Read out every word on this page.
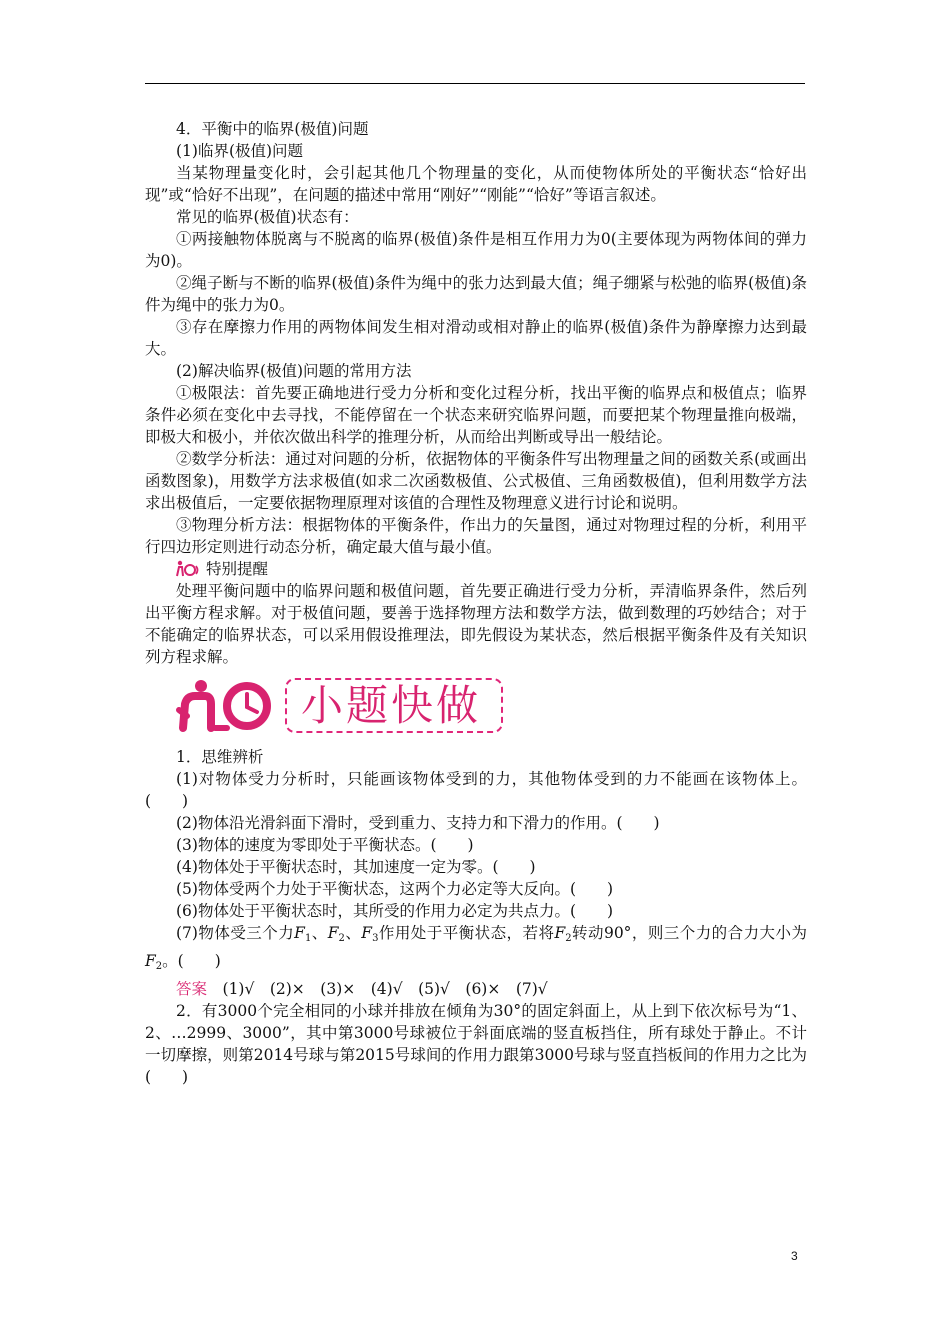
4．平衡中的临界(极值)问题

(1)临界(极值)问题

当某物理量变化时，会引起其他几个物理量的变化，从而使物体所处的平衡状态“恰好出现”或“恰好不出现”，在问题的描述中常用“刚好”“刚能”“恰好”等语言叙述。

常见的临界(极值)状态有：

①两接触物体脱离与不脱离的临界(极值)条件是相互作用力为0(主要体现为两物体间的弹力为0)。

②绳子断与不断的临界(极值)条件为绳中的张力达到最大值；绳子绷紧与松弛的临界(极值)条件为绳中的张力为0。

③存在摩擦力作用的两物体间发生相对滑动或相对静止的临界(极值)条件为静摩擦力达到最大。

(2)解决临界(极值)问题的常用方法

①极限法：首先要正确地进行受力分析和变化过程分析，找出平衡的临界点和极值点；临界条件必须在变化中去寻找，不能停留在一个状态来研究临界问题，而要把某个物理量推向极端，即极大和极小，并依次做出科学的推理分析，从而给出判断或导出一般结论。

②数学分析法：通过对问题的分析，依据物体的平衡条件写出物理量之间的函数关系(或画出函数图象)，用数学方法求极值(如求二次函数极值、公式极值、三角函数极值)，但利用数学方法求出极值后，一定要依据物理原理对该值的合理性及物理意义进行讨论和说明。

③物理分析方法：根据物体的平衡条件，作出力的矢量图，通过对物理过程的分析，利用平行四边形定则进行动态分析，确定最大值与最小值。

特别提醒

处理平衡问题中的临界问题和极值问题，首先要正确进行受力分析，弄清临界条件，然后列出平衡方程求解。对于极值问题，要善于选择物理方法和数学方法，做到数理的巧妙结合；对于不能确定的临界状态，可以采用假设推理法，即先假设为某状态，然后根据平衡条件及有关知识列方程求解。

小题快做

1．思维辨析

(1)对物体受力分析时，只能画该物体受到的力，其他物体受到的力不能画在该物体上。(　　)

(2)物体沿光滑斜面下滑时，受到重力、支持力和下滑力的作用。(　　)

(3)物体的速度为零即处于平衡状态。(　　)

(4)物体处于平衡状态时，其加速度一定为零。(　　)

(5)物体受两个力处于平衡状态，这两个力必定等大反向。(　　)

(6)物体处于平衡状态时，其所受的作用力必定为共点力。(　　)

(7)物体受三个力$F_1$、$F_2$、$F_3$作用处于平衡状态，若将$F_2$转动90°，则三个力的合力大小为$F_2$。(　　)

答案　(1)√　(2)×　(3)×　(4)√　(5)√　(6)×　(7)√

2．有3000个完全相同的小球并排放在倾角为30°的固定斜面上，从上到下依次标号为“1、2、…2999、3000”，其中第3000号球被位于斜面底端的竖直板挡住，所有球处于静止。不计一切摩擦，则第2014号球与第2015号球间的作用力跟第3000号球与竖直挡板间的作用力之比为(　　)

3
